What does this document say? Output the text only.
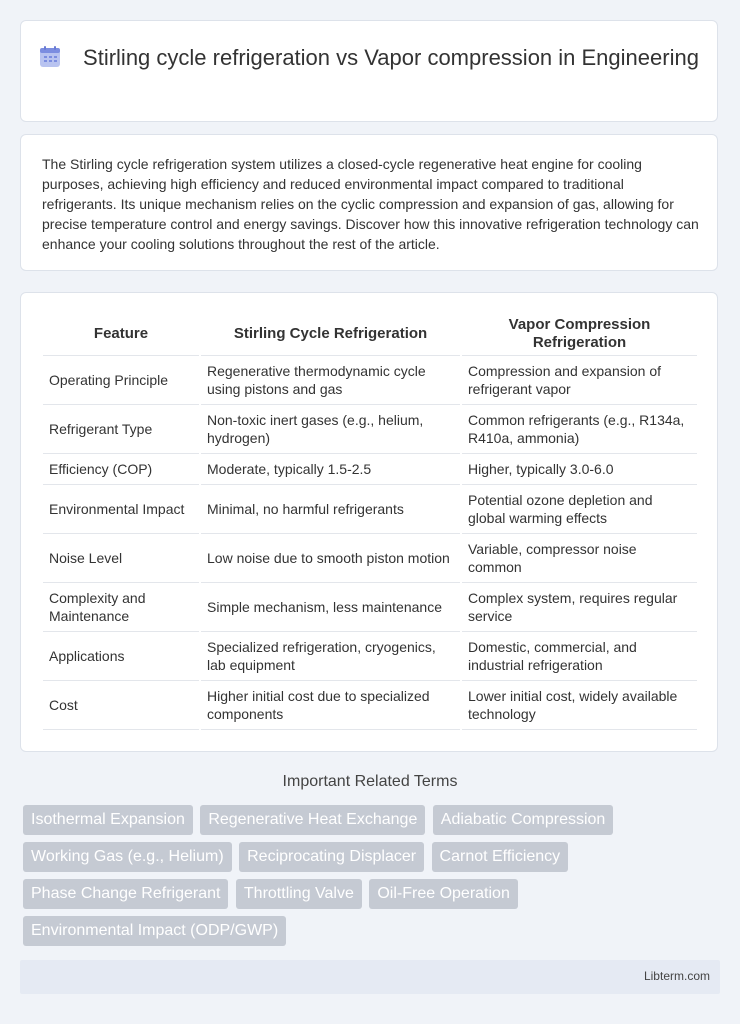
Stirling cycle refrigeration vs Vapor compression in Engineering

The Stirling cycle refrigeration system utilizes a closed-cycle regenerative heat engine for cooling purposes, achieving high efficiency and reduced environmental impact compared to traditional refrigerants. Its unique mechanism relies on the cyclic compression and expansion of gas, allowing for precise temperature control and energy savings. Discover how this innovative refrigeration technology can enhance your cooling solutions throughout the rest of the article.

Feature	Stirling Cycle Refrigeration	Vapor Compression Refrigeration
Operating Principle	Regenerative thermodynamic cycle using pistons and gas	Compression and expansion of refrigerant vapor
Refrigerant Type	Non-toxic inert gases (e.g., helium, hydrogen)	Common refrigerants (e.g., R134a, R410a, ammonia)
Efficiency (COP)	Moderate, typically 1.5-2.5	Higher, typically 3.0-6.0
Environmental Impact	Minimal, no harmful refrigerants	Potential ozone depletion and global warming effects
Noise Level	Low noise due to smooth piston motion	Variable, compressor noise common
Complexity and Maintenance	Simple mechanism, less maintenance	Complex system, requires regular service
Applications	Specialized refrigeration, cryogenics, lab equipment	Domestic, commercial, and industrial refrigeration
Cost	Higher initial cost due to specialized components	Lower initial cost, widely available technology
Important Related Terms
Isothermal Expansion Regenerative Heat Exchange Adiabatic Compression Working Gas (e.g., Helium) Reciprocating Displacer Carnot Efficiency Phase Change Refrigerant Throttling Valve Oil-Free Operation Environmental Impact (ODP/GWP)
Libterm.com
